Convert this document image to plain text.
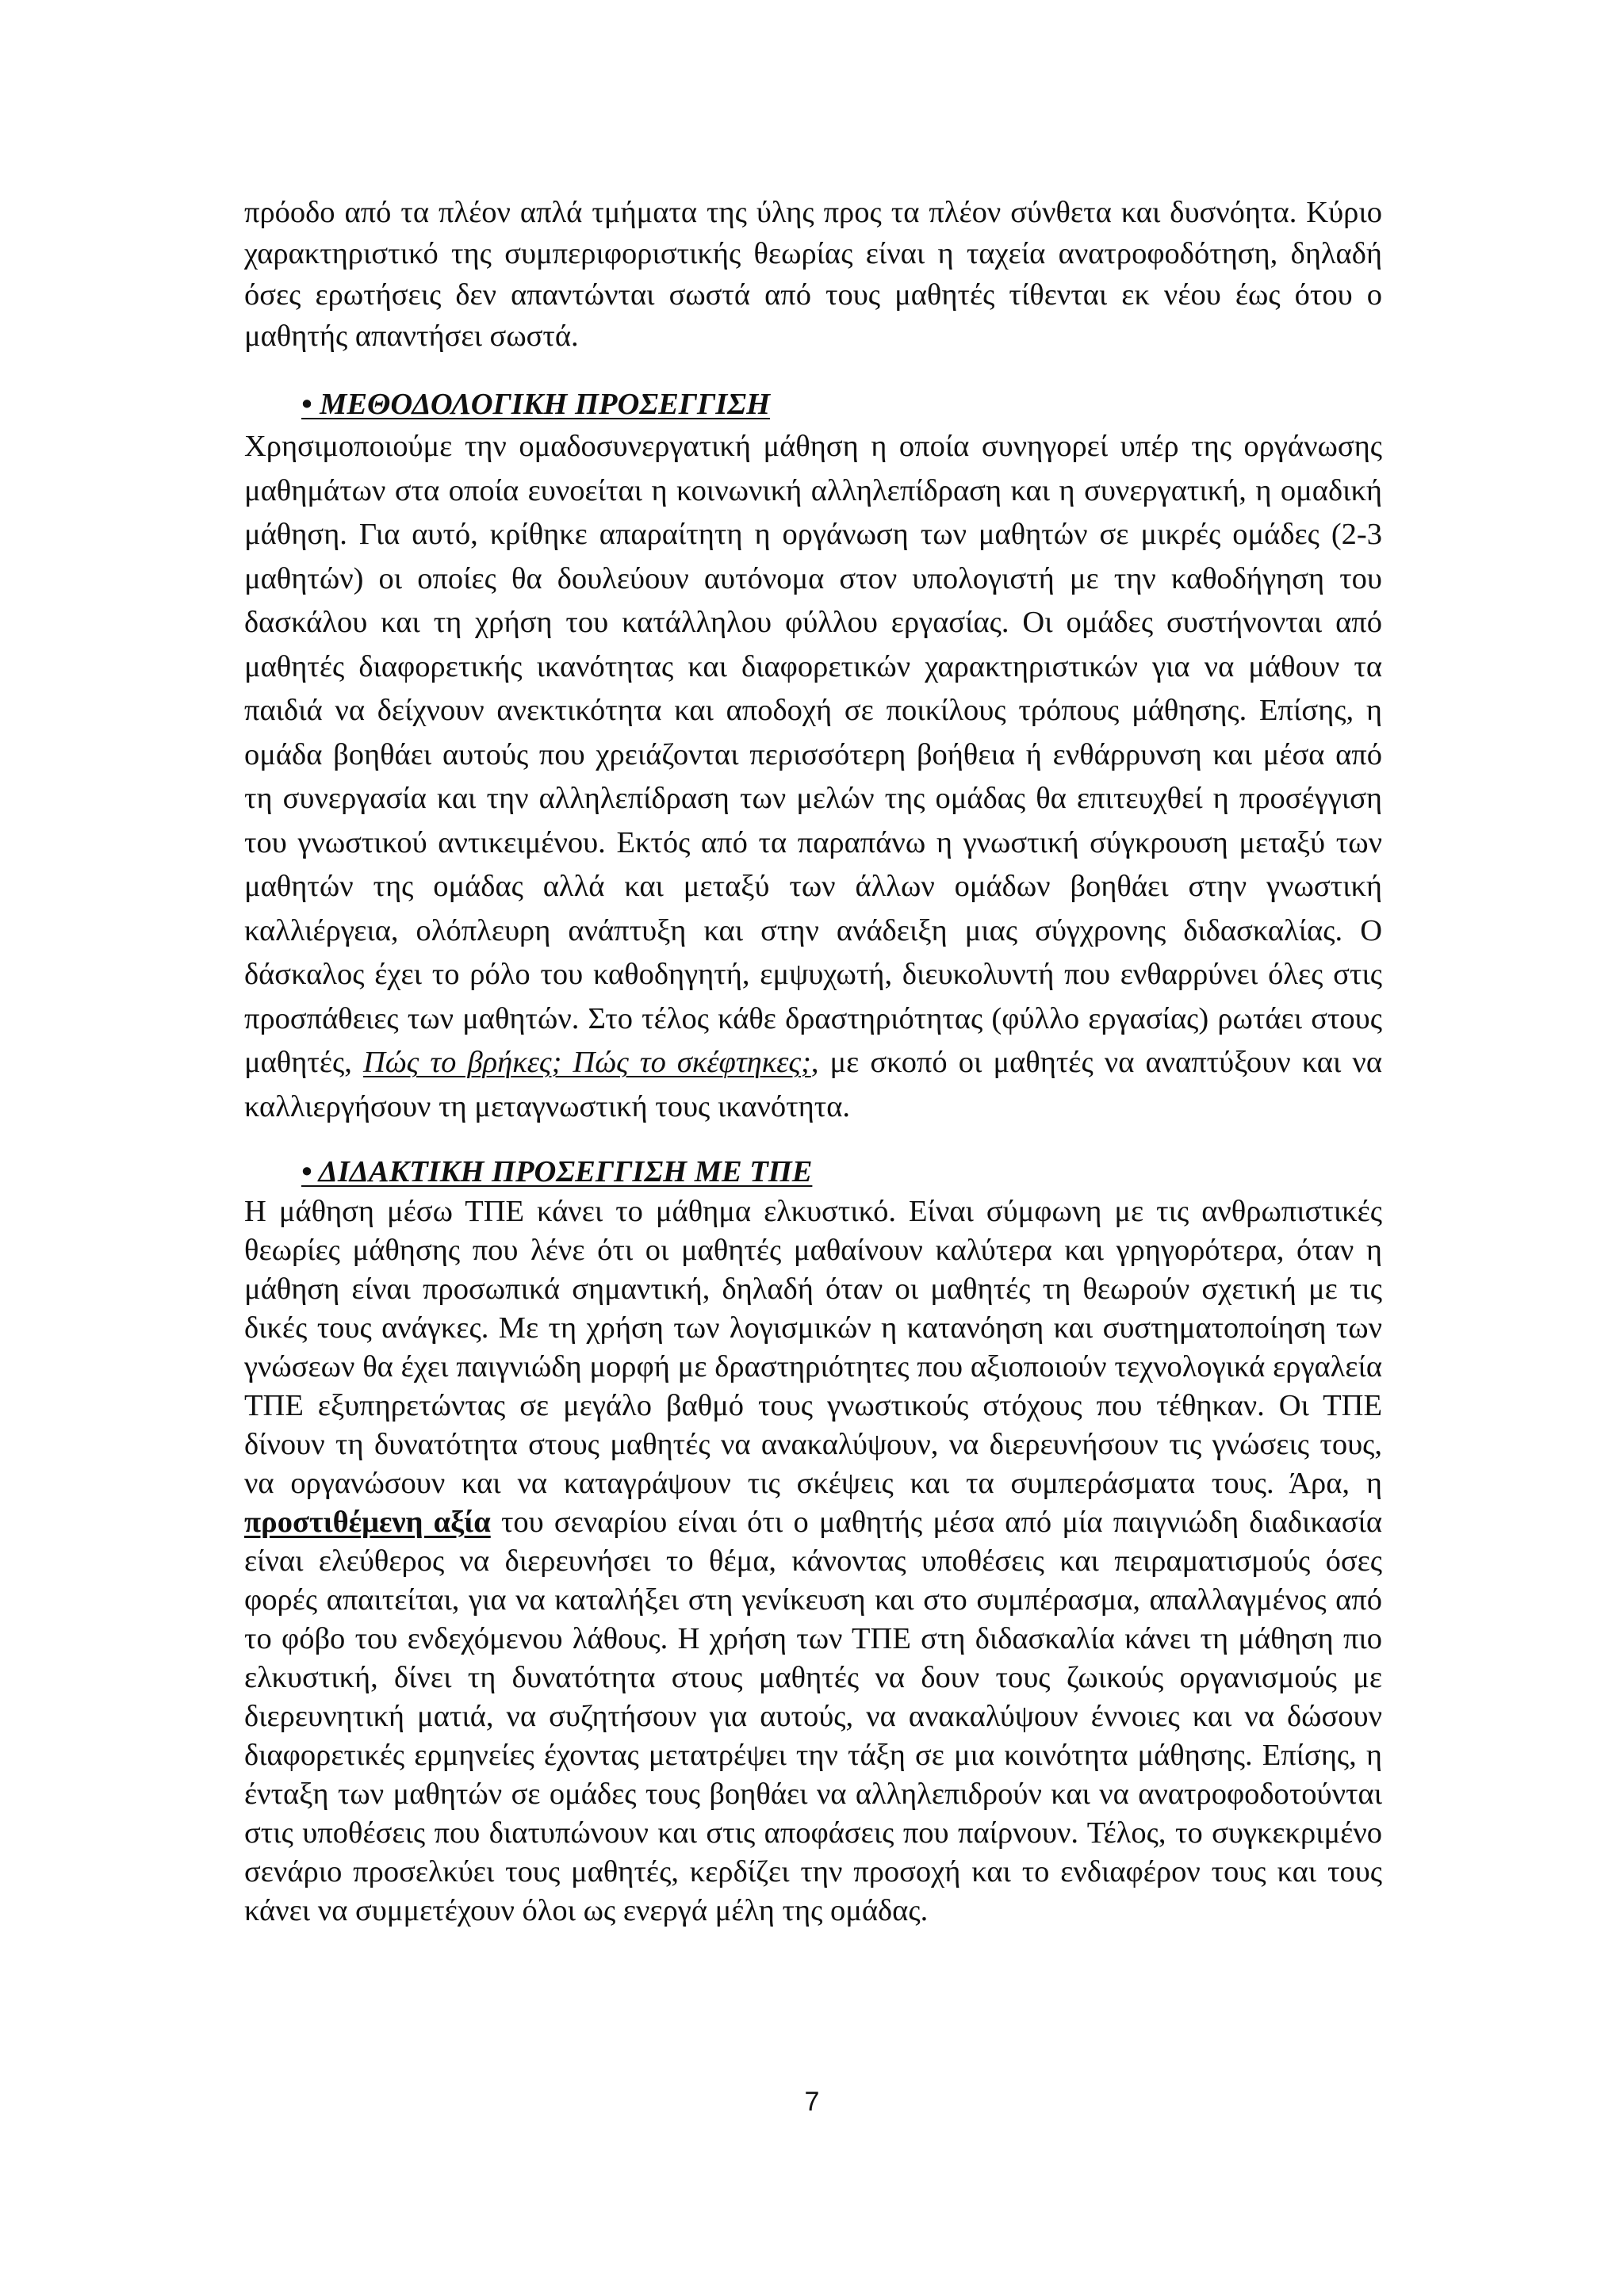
πρόοδο από τα πλέον απλά τμήματα της ύλης προς τα πλέον σύνθετα και δυσνόητα. Κύριο χαρακτηριστικό της συμπεριφοριστικής θεωρίας είναι η ταχεία ανατροφοδότηση, δηλαδή όσες ερωτήσεις δεν απαντώνται σωστά από τους μαθητές τίθενται εκ νέου έως ότου ο μαθητής απαντήσει σωστά.

• ΜΕΘΟΔΟΛΟΓΙΚΗ ΠΡΟΣΕΓΓΙΣΗ

Χρησιμοποιούμε την ομαδοσυνεργατική μάθηση η οποία συνηγορεί υπέρ της οργάνωσης μαθημάτων στα οποία ευνοείται η κοινωνική αλληλεπίδραση και η συνεργατική, η ομαδική μάθηση. Για αυτό, κρίθηκε απαραίτητη η οργάνωση των μαθητών σε μικρές ομάδες (2-3 μαθητών) οι οποίες θα δουλεύουν αυτόνομα στον υπολογιστή με την καθοδήγηση του δασκάλου και τη χρήση του κατάλληλου φύλλου εργασίας. Οι ομάδες συστήνονται από μαθητές διαφορετικής ικανότητας και διαφορετικών χαρακτηριστικών για να μάθουν τα παιδιά να δείχνουν ανεκτικότητα και αποδοχή σε ποικίλους τρόπους μάθησης. Επίσης, η ομάδα βοηθάει αυτούς που χρειάζονται περισσότερη βοήθεια ή ενθάρρυνση και μέσα από τη συνεργασία και την αλληλεπίδραση των μελών της ομάδας θα επιτευχθεί η προσέγγιση του γνωστικού αντικειμένου. Εκτός από τα παραπάνω η γνωστική σύγκρουση μεταξύ των μαθητών της ομάδας αλλά και μεταξύ των άλλων ομάδων βοηθάει στην γνωστική καλλιέργεια, ολόπλευρη ανάπτυξη και στην ανάδειξη μιας σύγχρονης διδασκαλίας. Ο δάσκαλος έχει το ρόλο του καθοδηγητή, εμψυχωτή, διευκολυντή που ενθαρρύνει όλες στις προσπάθειες των μαθητών. Στο τέλος κάθε δραστηριότητας (φύλλο εργασίας) ρωτάει στους μαθητές, Πώς το βρήκες; Πώς το σκέφτηκες;, με σκοπό οι μαθητές να αναπτύξουν και να καλλιεργήσουν τη μεταγνωστική τους ικανότητα.

• ΔΙΔΑΚΤΙΚΗ ΠΡΟΣΕΓΓΙΣΗ ΜΕ ΤΠΕ

Η μάθηση μέσω ΤΠΕ κάνει το μάθημα ελκυστικό. Είναι σύμφωνη με τις ανθρωπιστικές θεωρίες μάθησης που λένε ότι οι μαθητές μαθαίνουν καλύτερα και γρηγορότερα, όταν η μάθηση είναι προσωπικά σημαντική, δηλαδή όταν οι μαθητές τη θεωρούν σχετική με τις δικές τους ανάγκες. Με τη χρήση των λογισμικών η κατανόηση και συστηματοποίηση των γνώσεων θα έχει παιγνιώδη μορφή με δραστηριότητες που αξιοποιούν τεχνολογικά εργαλεία ΤΠΕ εξυπηρετώντας σε μεγάλο βαθμό τους γνωστικούς στόχους που τέθηκαν. Οι ΤΠΕ δίνουν τη δυνατότητα στους μαθητές να ανακαλύψουν, να διερευνήσουν τις γνώσεις τους, να οργανώσουν και να καταγράψουν τις σκέψεις και τα συμπεράσματα τους. Άρα, η προστιθέμενη αξία του σεναρίου είναι ότι ο μαθητής μέσα από μία παιγνιώδη διαδικασία είναι ελεύθερος να διερευνήσει το θέμα, κάνοντας υποθέσεις και πειραματισμούς όσες φορές απαιτείται, για να καταλήξει στη γενίκευση και στο συμπέρασμα, απαλλαγμένος από το φόβο του ενδεχόμενου λάθους. Η χρήση των ΤΠΕ στη διδασκαλία κάνει τη μάθηση πιο ελκυστική, δίνει τη δυνατότητα στους μαθητές να δουν τους ζωικούς οργανισμούς με διερευνητική ματιά, να συζητήσουν για αυτούς, να ανακαλύψουν έννοιες και να δώσουν διαφορετικές ερμηνείες έχοντας μετατρέψει την τάξη σε μια κοινότητα μάθησης. Επίσης, η ένταξη των μαθητών σε ομάδες τους βοηθάει να αλληλεπιδρούν και να ανατροφοδοτούνται στις υποθέσεις που διατυπώνουν και στις αποφάσεις που παίρνουν. Τέλος, το συγκεκριμένο σενάριο προσελκύει τους μαθητές, κερδίζει την προσοχή και το ενδιαφέρον τους και τους κάνει να συμμετέχουν όλοι ως ενεργά μέλη της ομάδας.

7
